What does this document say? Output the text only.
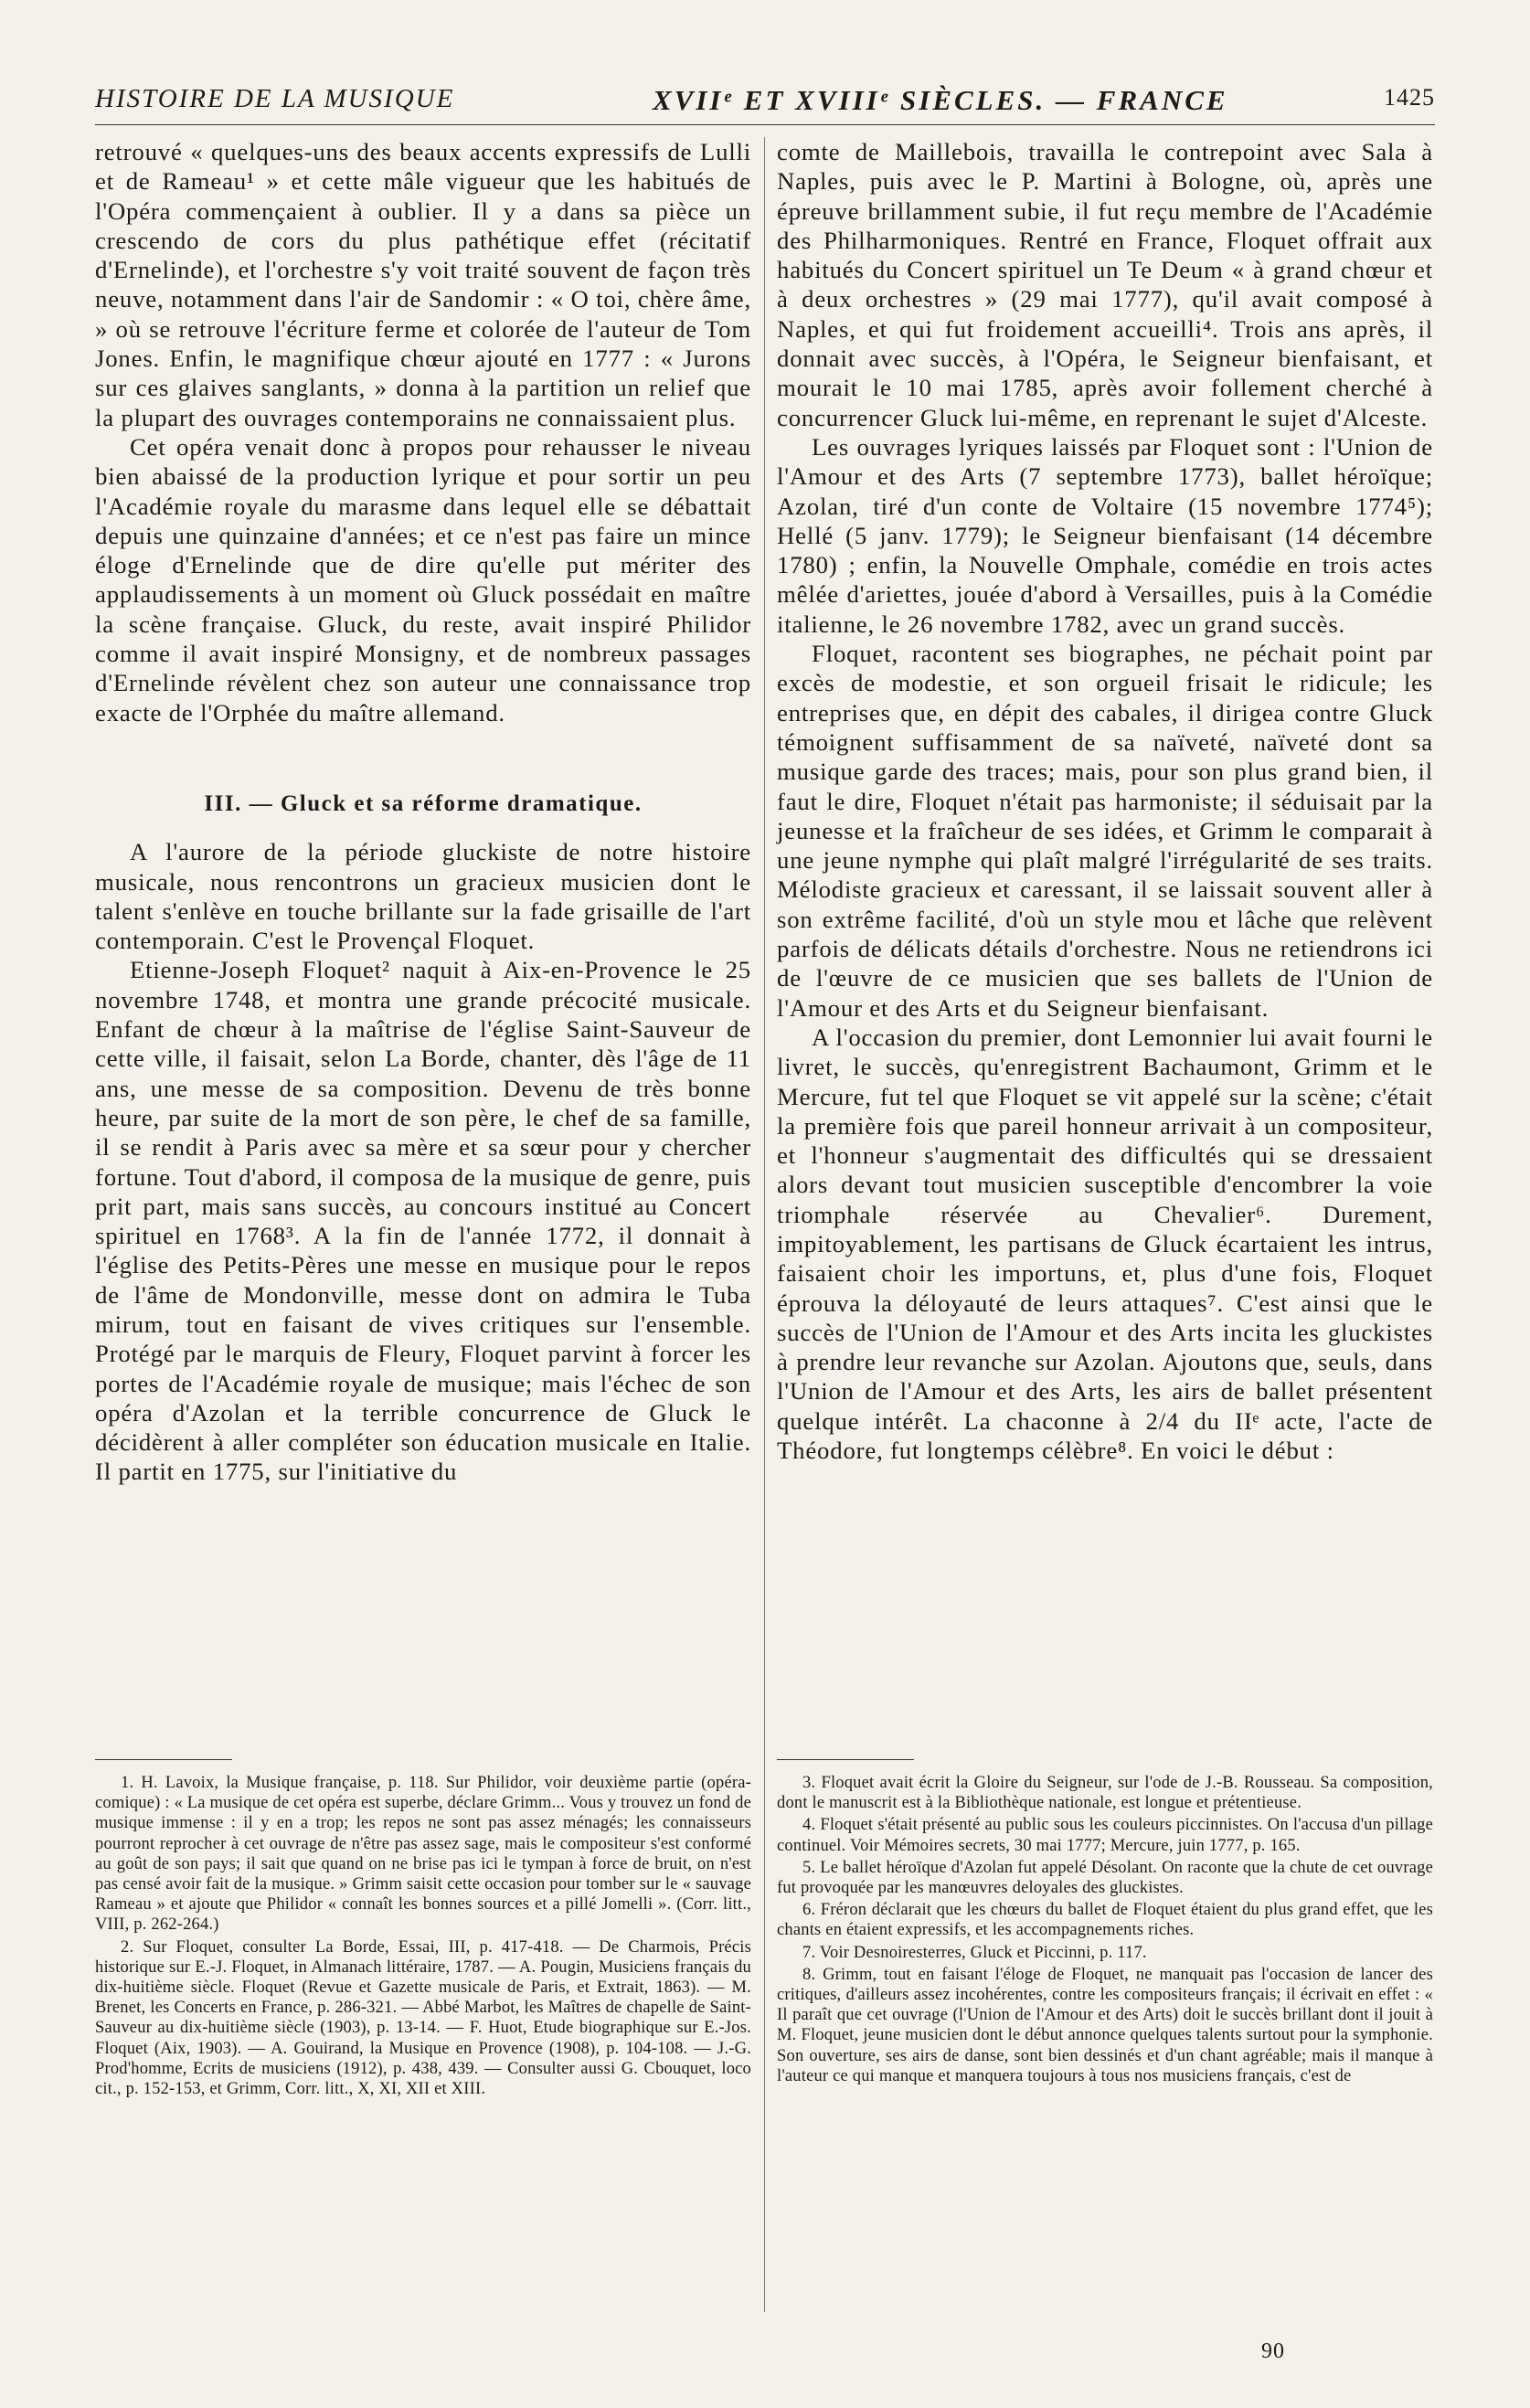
HISTOIRE DE LA MUSIQUE	XVIIᵉ ET XVIIIᵉ SIÈCLES. — FRANCE	1425

retrouvé « quelques-uns des beaux accents expressifs de Lulli et de Rameau¹ » et cette mâle vigueur que les habitués de l'Opéra commençaient à oublier. Il y a dans sa pièce un crescendo de cors du plus pathétique effet (récitatif d'Ernelinde), et l'orchestre s'y voit traité souvent de façon très neuve, notamment dans l'air de Sandomir : « O toi, chère âme, » où se retrouve l'écriture ferme et colorée de l'auteur de Tom Jones. Enfin, le magnifique chœur ajouté en 1777 : « Jurons sur ces glaives sanglants, » donna à la partition un relief que la plupart des ouvrages contemporains ne connaissaient plus.

Cet opéra venait donc à propos pour rehausser le niveau bien abaissé de la production lyrique et pour sortir un peu l'Académie royale du marasme dans lequel elle se débattait depuis une quinzaine d'années; et ce n'est pas faire un mince éloge d'Ernelinde que de dire qu'elle put mériter des applaudissements à un moment où Gluck possédait en maître la scène française. Gluck, du reste, avait inspiré Philidor comme il avait inspiré Monsigny, et de nombreux passages d'Ernelinde révèlent chez son auteur une connaissance trop exacte de l'Orphée du maître allemand.

III. — Gluck et sa réforme dramatique.

A l'aurore de la période gluckiste de notre histoire musicale, nous rencontrons un gracieux musicien dont le talent s'enlève en touche brillante sur la fade grisaille de l'art contemporain. C'est le Provençal Floquet.

Etienne-Joseph Floquet² naquit à Aix-en-Provence le 25 novembre 1748, et montra une grande précocité musicale. Enfant de chœur à la maîtrise de l'église Saint-Sauveur de cette ville, il faisait, selon La Borde, chanter, dès l'âge de 11 ans, une messe de sa composition. Devenu de très bonne heure, par suite de la mort de son père, le chef de sa famille, il se rendit à Paris avec sa mère et sa sœur pour y chercher fortune. Tout d'abord, il composa de la musique de genre, puis prit part, mais sans succès, au concours institué au Concert spirituel en 1768³. A la fin de l'année 1772, il donnait à l'église des Petits-Pères une messe en musique pour le repos de l'âme de Mondonville, messe dont on admira le Tuba mirum, tout en faisant de vives critiques sur l'ensemble. Protégé par le marquis de Fleury, Floquet parvint à forcer les portes de l'Académie royale de musique; mais l'échec de son opéra d'Azolan et la terrible concurrence de Gluck le décidèrent à aller compléter son éducation musicale en Italie. Il partit en 1775, sur l'initiative du

comte de Maillebois, travailla le contrepoint avec Sala à Naples, puis avec le P. Martini à Bologne, où, après une épreuve brillamment subie, il fut reçu membre de l'Académie des Philharmoniques. Rentré en France, Floquet offrait aux habitués du Concert spirituel un Te Deum « à grand chœur et à deux orchestres » (29 mai 1777), qu'il avait composé à Naples, et qui fut froidement accueilli⁴. Trois ans après, il donnait avec succès, à l'Opéra, le Seigneur bienfaisant, et mourait le 10 mai 1785, après avoir follement cherché à concurrencer Gluck lui-même, en reprenant le sujet d'Alceste.

Les ouvrages lyriques laissés par Floquet sont : l'Union de l'Amour et des Arts (7 septembre 1773), ballet héroïque; Azolan, tiré d'un conte de Voltaire (15 novembre 1774⁵); Hellé (5 janv. 1779); le Seigneur bienfaisant (14 décembre 1780) ; enfin, la Nouvelle Omphale, comédie en trois actes mêlée d'ariettes, jouée d'abord à Versailles, puis à la Comédie italienne, le 26 novembre 1782, avec un grand succès.

Floquet, racontent ses biographes, ne péchait point par excès de modestie, et son orgueil frisait le ridicule; les entreprises que, en dépit des cabales, il dirigea contre Gluck témoignent suffisamment de sa naïveté, naïveté dont sa musique garde des traces; mais, pour son plus grand bien, il faut le dire, Floquet n'était pas harmoniste; il séduisait par la jeunesse et la fraîcheur de ses idées, et Grimm le comparait à une jeune nymphe qui plaît malgré l'irrégularité de ses traits. Mélodiste gracieux et caressant, il se laissait souvent aller à son extrême facilité, d'où un style mou et lâche que relèvent parfois de délicats détails d'orchestre. Nous ne retiendrons ici de l'œuvre de ce musicien que ses ballets de l'Union de l'Amour et des Arts et du Seigneur bienfaisant.

A l'occasion du premier, dont Lemonnier lui avait fourni le livret, le succès, qu'enregistrent Bachaumont, Grimm et le Mercure, fut tel que Floquet se vit appelé sur la scène; c'était la première fois que pareil honneur arrivait à un compositeur, et l'honneur s'augmentait des difficultés qui se dressaient alors devant tout musicien susceptible d'encombrer la voie triomphale réservée au Chevalier⁶. Durement, impitoyablement, les partisans de Gluck écartaient les intrus, faisaient choir les importuns, et, plus d'une fois, Floquet éprouva la déloyauté de leurs attaques⁷. C'est ainsi que le succès de l'Union de l'Amour et des Arts incita les gluckistes à prendre leur revanche sur Azolan. Ajoutons que, seuls, dans l'Union de l'Amour et des Arts, les airs de ballet présentent quelque intérêt. La chaconne à 2/4 du IIᵉ acte, l'acte de Théodore, fut longtemps célèbre⁸. En voici le début :

1. H. Lavoix, la Musique française, p. 118. Sur Philidor, voir deuxième partie (opéra-comique) : « La musique de cet opéra est superbe, déclare Grimm... Vous y trouvez un fond de musique immense : il y en a trop; les repos ne sont pas assez ménagés; les connaisseurs pourront reprocher à cet ouvrage de n'être pas assez sage, mais le compositeur s'est conformé au goût de son pays; il sait que quand on ne brise pas ici le tympan à force de bruit, on n'est pas censé avoir fait de la musique. » Grimm saisit cette occasion pour tomber sur le « sauvage Rameau » et ajoute que Philidor « connaît les bonnes sources et a pillé Jomelli ». (Corr. litt., VIII, p. 262-264.)

2. Sur Floquet, consulter La Borde, Essai, III, p. 417-418. — De Charmois, Précis historique sur E.-J. Floquet, in Almanach littéraire, 1787. — A. Pougin, Musiciens français du dix-huitième siècle. Floquet (Revue et Gazette musicale de Paris, et Extrait, 1863). — M. Brenet, les Concerts en France, p. 286-321. — Abbé Marbot, les Maîtres de chapelle de Saint-Sauveur au dix-huitième siècle (1903), p. 13-14. — F. Huot, Etude biographique sur E.-Jos. Floquet (Aix, 1903). — A. Gouirand, la Musique en Provence (1908), p. 104-108. — J.-G. Prod'homme, Ecrits de musiciens (1912), p. 438, 439. — Consulter aussi G. Cbouquet, loco cit., p. 152-153, et Grimm, Corr. litt., X, XI, XII et XIII.

3. Floquet avait écrit la Gloire du Seigneur, sur l'ode de J.-B. Rousseau. Sa composition, dont le manuscrit est à la Bibliothèque nationale, est longue et prétentieuse.

4. Floquet s'était présenté au public sous les couleurs piccinnistes. On l'accusa d'un pillage continuel. Voir Mémoires secrets, 30 mai 1777; Mercure, juin 1777, p. 165.

5. Le ballet héroïque d'Azolan fut appelé Désolant. On raconte que la chute de cet ouvrage fut provoquée par les manœuvres deloyales des gluckistes.

6. Fréron déclarait que les chœurs du ballet de Floquet étaient du plus grand effet, que les chants en étaient expressifs, et les accompagnements riches.

7. Voir Desnoiresterres, Gluck et Piccinni, p. 117.

8. Grimm, tout en faisant l'éloge de Floquet, ne manquait pas l'occasion de lancer des critiques, d'ailleurs assez incohérentes, contre les compositeurs français; il écrivait en effet : « Il paraît que cet ouvrage (l'Union de l'Amour et des Arts) doit le succès brillant dont il jouit à M. Floquet, jeune musicien dont le début annonce quelques talents surtout pour la symphonie. Son ouverture, ses airs de danse, sont bien dessinés et d'un chant agréable; mais il manque à l'auteur ce qui manque et manquera toujours à tous nos musiciens français, c'est de

90
